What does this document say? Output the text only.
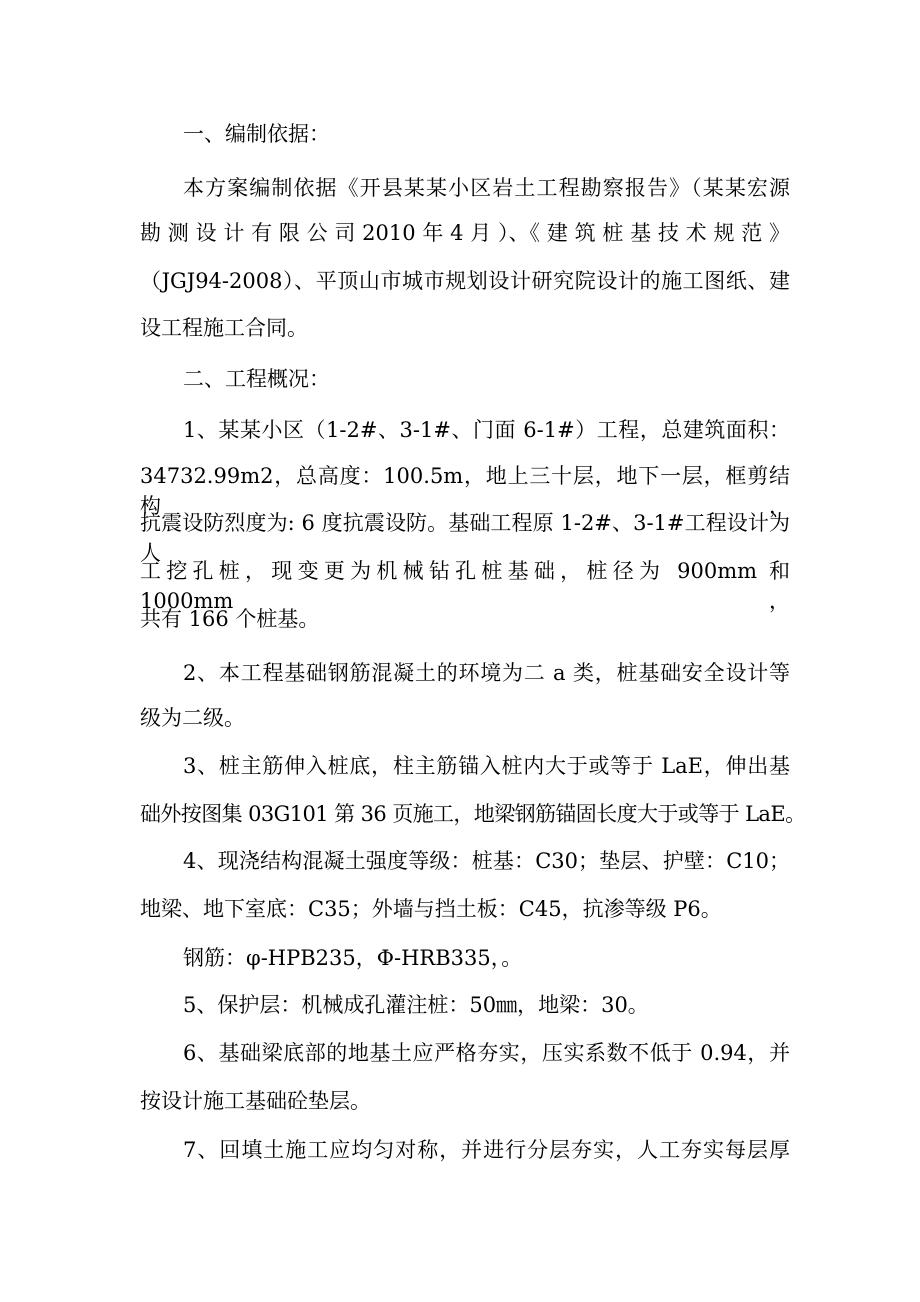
一、编制依据：
本方案编制依据《开县某某小区岩土工程勘察报告》（某某宏源
勘 测 设 计 有 限 公 司 2010 年 4 月 ）、《 建 筑 桩 基 技 术 规 范 》
（JGJ94-2008）、平顶山市城市规划设计研究院设计的施工图纸、建
设工程施工合同。
二、工程概况：
1、某某小区（1-2#、3-1#、门面 6-1#）工程，总建筑面积：
34732.99m2，总高度：100.5m，地上三十层，地下一层，框剪结构，
抗震设防烈度为: 6 度抗震设防。基础工程原 1-2#、3-1#工程设计为人
工挖孔桩，现变更为机械钻孔桩基础，桩径为 900mm 和 1000mm，
共有 166 个桩基。
2、本工程基础钢筋混凝土的环境为二 a 类，桩基础安全设计等
级为二级。
3、桩主筋伸入桩底，柱主筋锚入桩内大于或等于 LaE，伸出基
础外按图集 03G101 第 36 页施工，地梁钢筋锚固长度大于或等于 LaE。
4、现浇结构混凝土强度等级：桩基：C30；垫层、护壁：C10；
地梁、地下室底：C35；外墙与挡土板：C45，抗渗等级 P6。
钢筋：φ-HPB235，Φ-HRB335，。
5、保护层：机械成孔灌注桩：50㎜，地梁：30。
6、基础梁底部的地基土应严格夯实，压实系数不低于 0.94，并
按设计施工基础砼垫层。
7、回填土施工应均匀对称，并进行分层夯实，人工夯实每层厚
